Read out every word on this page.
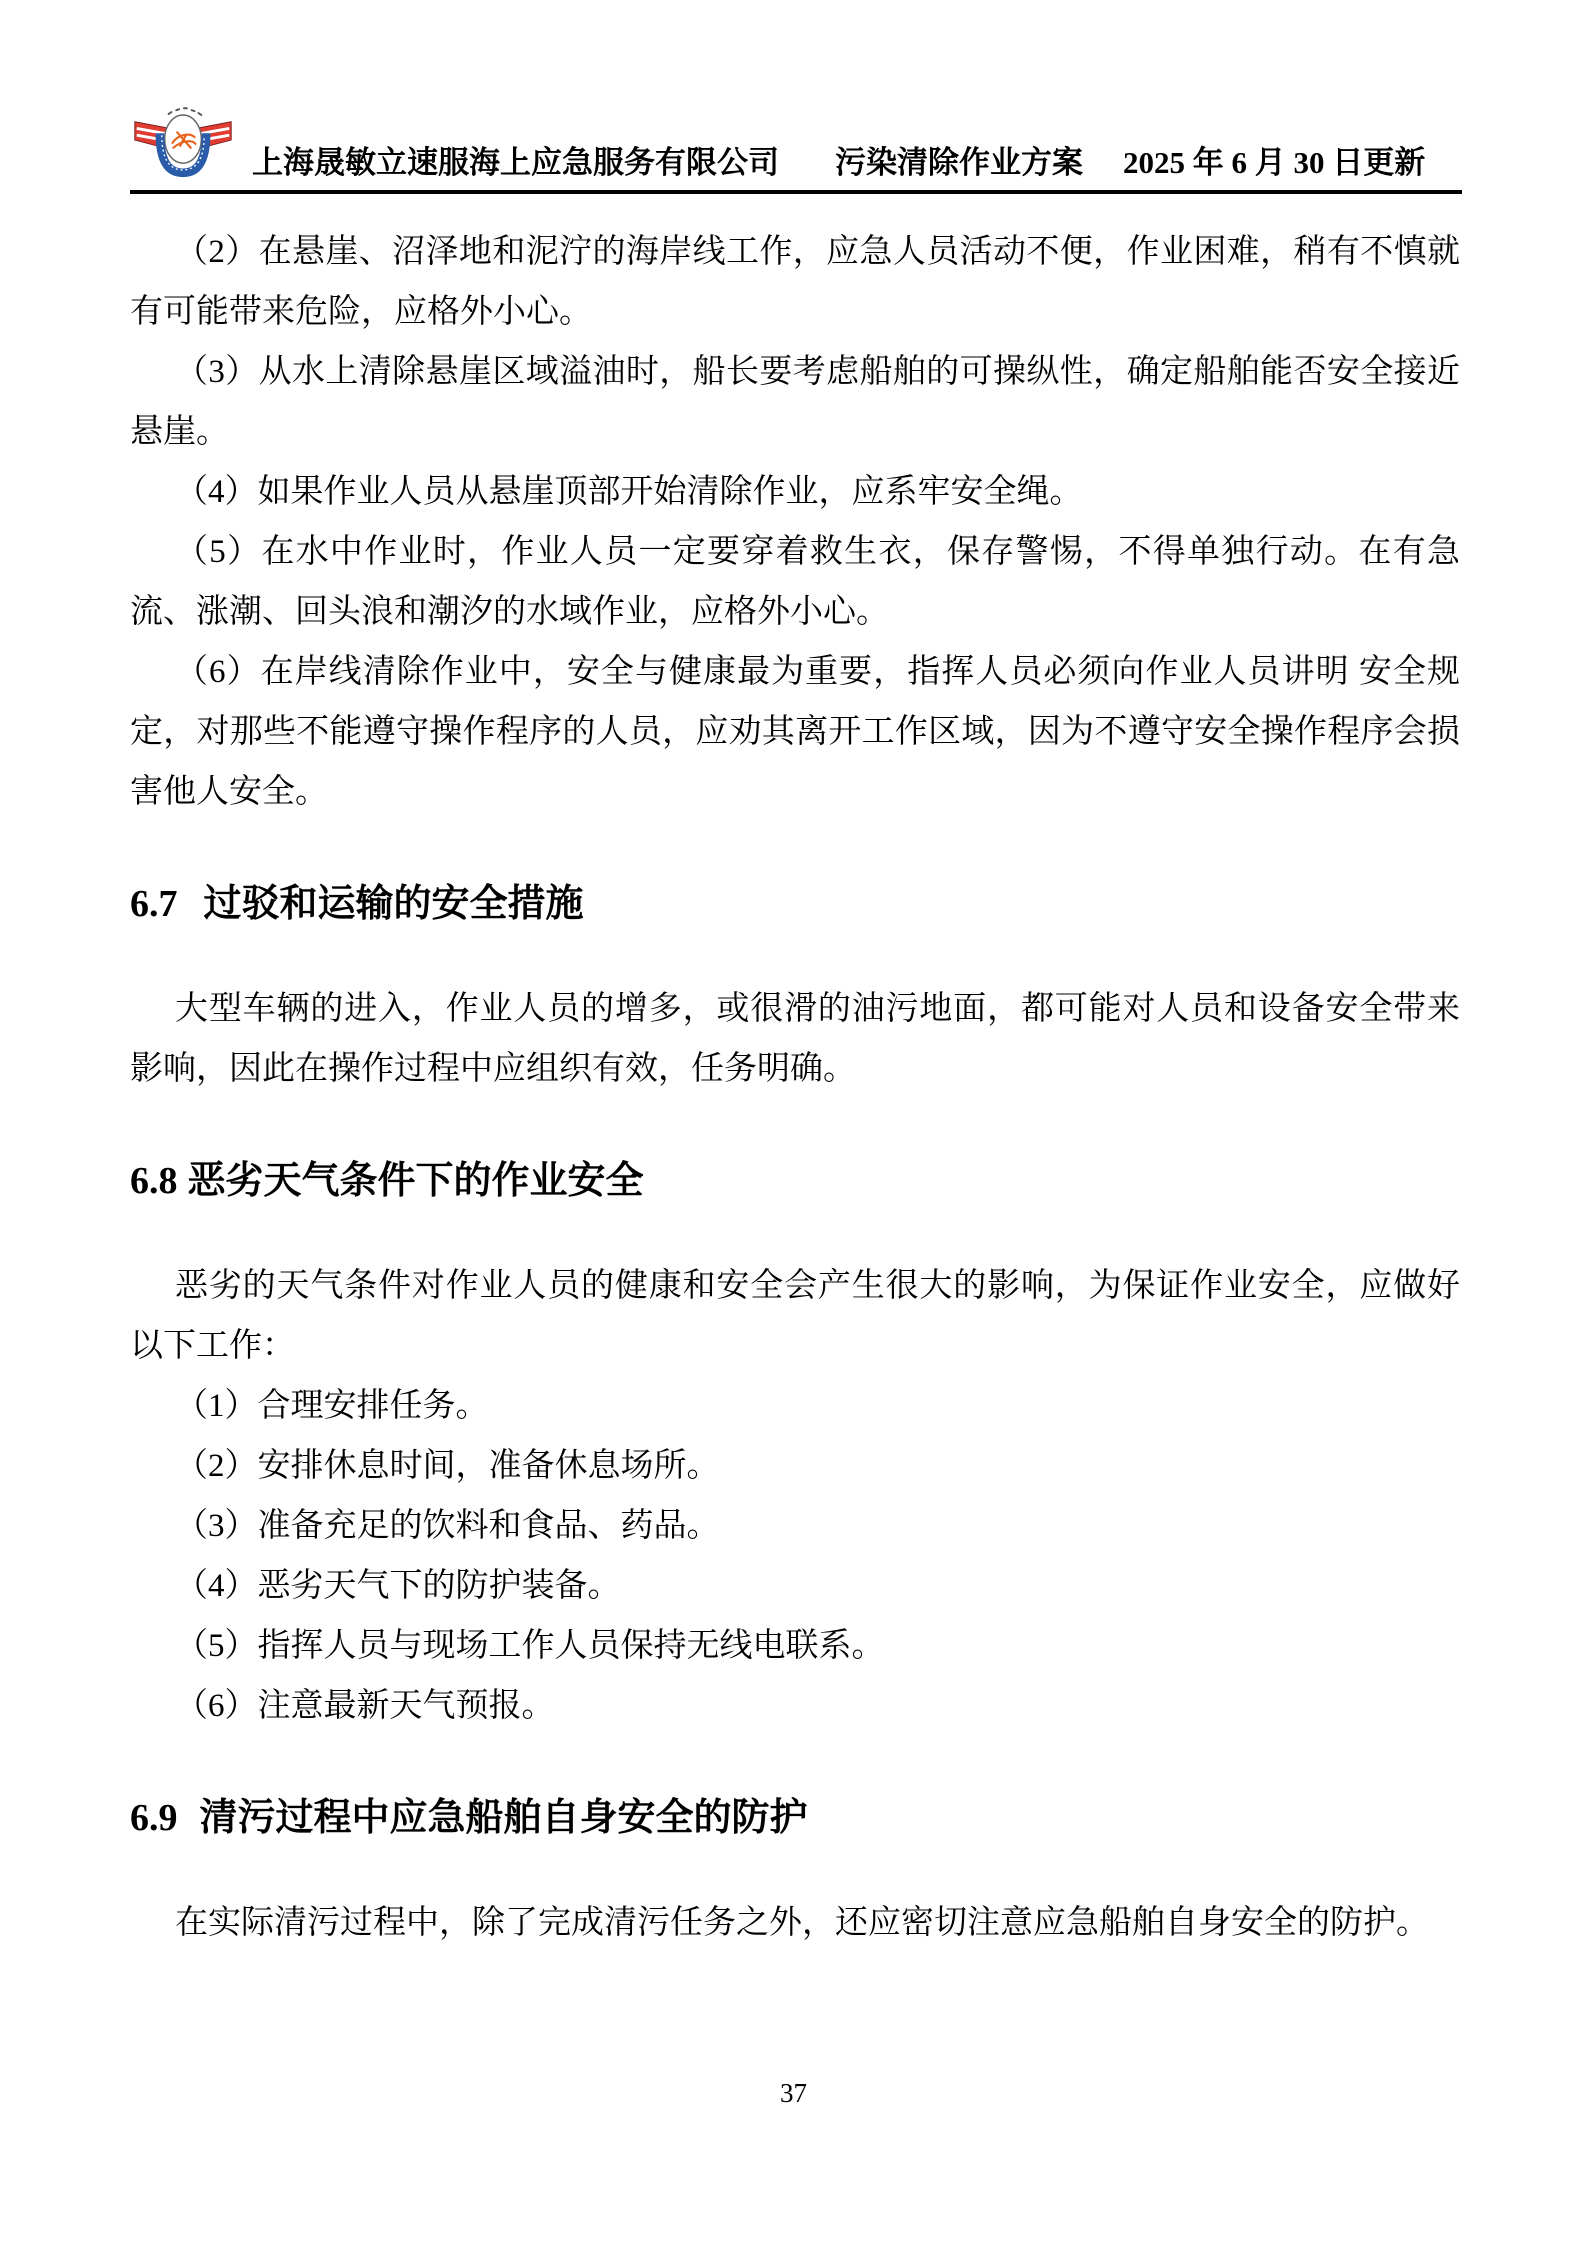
上海晟敏立速服海上应急服务有限公司 污染清除作业方案 2025 年 6 月 30 日更新

（2）在悬崖、沼泽地和泥泞的海岸线工作，应急人员活动不便，作业困难，稍有不慎就有可能带来危险，应格外小心。

（3）从水上清除悬崖区域溢油时，船长要考虑船舶的可操纵性，确定船舶能否安全接近悬崖。

（4）如果作业人员从悬崖顶部开始清除作业，应系牢安全绳。

（5）在水中作业时，作业人员一定要穿着救生衣，保存警惕，不得单独行动。在有急流、涨潮、回头浪和潮汐的水域作业，应格外小心。

（6）在岸线清除作业中，安全与健康最为重要，指挥人员必须向作业人员讲明 安全规定，对那些不能遵守操作程序的人员，应劝其离开工作区域，因为不遵守安全操作程序会损害他人安全。

6.7 过驳和运输的安全措施

大型车辆的进入，作业人员的增多，或很滑的油污地面，都可能对人员和设备安全带来影响，因此在操作过程中应组织有效，任务明确。

6.8 恶劣天气条件下的作业安全

恶劣的天气条件对作业人员的健康和安全会产生很大的影响，为保证作业安全，应做好以下工作：

（1）合理安排任务。

（2）安排休息时间，准备休息场所。

（3）准备充足的饮料和食品、药品。

（4）恶劣天气下的防护装备。

（5）指挥人员与现场工作人员保持无线电联系。

（6）注意最新天气预报。

6.9 清污过程中应急船舶自身安全的防护

在实际清污过程中，除了完成清污任务之外，还应密切注意应急船舶自身安全的防护。

37
